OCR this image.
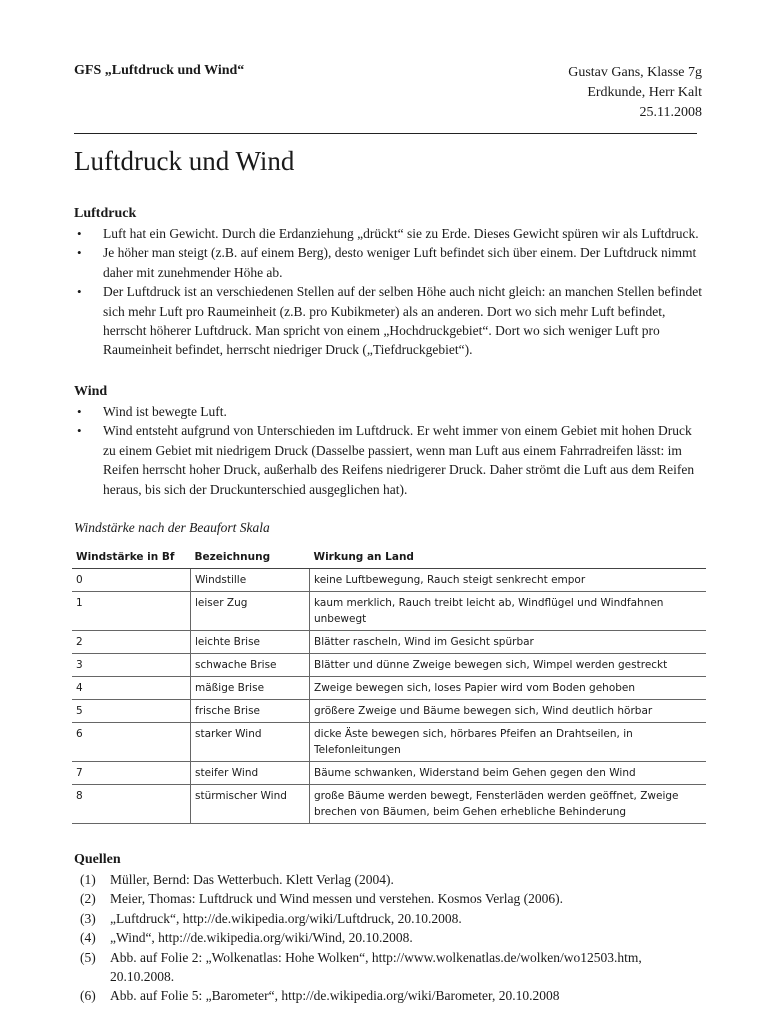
GFS „Luftdruck und Wind“	Gustav Gans, Klasse 7g
Erdkunde, Herr Kalt
25.11.2008
Luftdruck und Wind
Luftdruck
• Luft hat ein Gewicht. Durch die Erdanziehung „drückt“ sie zu Erde. Dieses Gewicht spüren wir als Luftdruck.
• Je höher man steigt (z.B. auf einem Berg), desto weniger Luft befindet sich über einem. Der Luftdruck nimmt daher mit zunehmender Höhe ab.
• Der Luftdruck ist an verschiedenen Stellen auf der selben Höhe auch nicht gleich: an manchen Stellen befindet sich mehr Luft pro Raumeinheit (z.B. pro Kubikmeter) als an anderen. Dort wo sich mehr Luft befindet, herrscht höherer Luftdruck. Man spricht von einem „Hochdruckgebiet“. Dort wo sich weniger Luft pro Raumeinheit befindet, herrscht niedriger Druck („Tiefdruckgebiet“).
Wind
• Wind ist bewegte Luft.
• Wind entsteht aufgrund von Unterschieden im Luftdruck. Er weht immer von einem Gebiet mit hohen Druck zu einem Gebiet mit niedrigem Druck (Dasselbe passiert, wenn man Luft aus einem Fahrradreifen lässt: im Reifen herrscht hoher Druck, außerhalb des Reifens niedrigerer Druck. Daher strömt die Luft aus dem Reifen heraus, bis sich der Druckunterschied ausgeglichen hat).
Windstärke nach der Beaufort Skala
Windstärke in Bf	Bezeichnung	Wirkung an Land
0	Windstille	keine Luftbewegung, Rauch steigt senkrecht empor
1	leiser Zug	kaum merklich, Rauch treibt leicht ab, Windflügel und Windfahnen unbewegt
2	leichte Brise	Blätter rascheln, Wind im Gesicht spürbar
3	schwache Brise	Blätter und dünne Zweige bewegen sich, Wimpel werden gestreckt
4	mäßige Brise	Zweige bewegen sich, loses Papier wird vom Boden gehoben
5	frische Brise	größere Zweige und Bäume bewegen sich, Wind deutlich hörbar
6	starker Wind	dicke Äste bewegen sich, hörbares Pfeifen an Drahtseilen, in Telefonleitungen
7	steifer Wind	Bäume schwanken, Widerstand beim Gehen gegen den Wind
8	stürmischer Wind	große Bäume werden bewegt, Fensterläden werden geöffnet, Zweige brechen von Bäumen, beim Gehen erhebliche Behinderung
Quellen
(1) Müller, Bernd: Das Wetterbuch. Klett Verlag (2004).
(2) Meier, Thomas: Luftdruck und Wind messen und verstehen. Kosmos Verlag (2006).
(3) „Luftdruck“, http://de.wikipedia.org/wiki/Luftdruck, 20.10.2008.
(4) „Wind“, http://de.wikipedia.org/wiki/Wind, 20.10.2008.
(5) Abb. auf Folie 2: „Wolkenatlas: Hohe Wolken“, http://www.wolkenatlas.de/wolken/wo12503.htm, 20.10.2008.
(6) Abb. auf Folie 5: „Barometer“, http://de.wikipedia.org/wiki/Barometer, 20.10.2008
